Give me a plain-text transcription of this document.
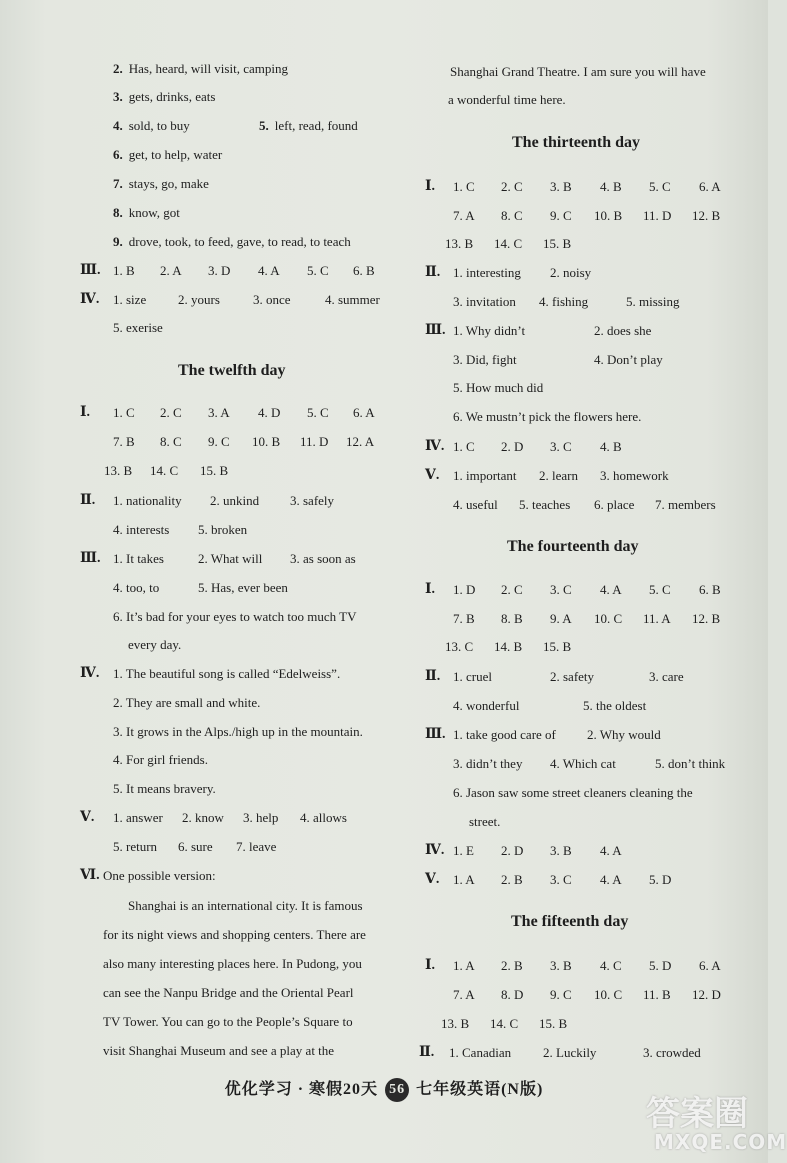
2. Has, heard, will visit, camping
3. gets, drinks, eats
4. sold, to buy	5. left, read, found
6. get, to help, water
7. stays, go, make
8. know, got
9. drove, took, to feed, gave, to read, to teach
Ⅲ. 1. B 2. A 3. D 4. A 5. C 6. B
Ⅳ. 1. size 2. yours	3. once	4. summer
5. exerise
The twelfth day
Ⅰ. 1. C 2. C 3. A 4. D 5. C 6. A
7. B 8. C 9. C 10. B 11. D 12. A
13. B 14. C 15. B
Ⅱ. 1. nationality 2. unkind 3. safely
4. interests 5. broken
Ⅲ. 1. It takes	2. What will 3. as soon as
4. too, to	5. Has, ever been
6. It’s bad for your eyes to watch too much TV
every day.
Ⅳ. 1. The beautiful song is called “Edelweiss”.
2. They are small and white.
3. It grows in the Alps./high up in the mountain.
4. For girl friends.
5. It means bravery.
Ⅴ. 1. answer 2. know 3. help 4. allows
5. return 6. sure 7. leave
Ⅵ. One possible version:
Shanghai is an international city. It is famous
for its night views and shopping centers. There are
also many interesting places here. In Pudong, you
can see the Nanpu Bridge and the Oriental Pearl
TV Tower. You can go to the People’s Square to
visit Shanghai Museum and see a play at the
Shanghai Grand Theatre. I am sure you will have
a wonderful time here.
The thirteenth day
Ⅰ. 1. C 2. C 3. B 4. B 5. C 6. A
7. A 8. C 9. C 10. B 11. D 12. B
13. B 14. C 15. B
Ⅱ. 1. interesting 2. noisy
3. invitation 4. fishing	5. missing
Ⅲ. 1. Why didn’t	2. does she
3. Did, fight	4. Don’t play
5. How much did
6. We mustn’t pick the flowers here.
Ⅳ. 1. C 2. D 3. C 4. B
Ⅴ. 1. important 2. learn 3. homework
4. useful 5. teaches 6. place 7. members
The fourteenth day
Ⅰ. 1. D 2. C 3. C 4. A 5. C 6. B
7. B 8. B 9. A 10. C 11. A 12. B
13. C 14. B 15. B
Ⅱ. 1. cruel	2. safety	3. care
4. wonderful	5. the oldest
Ⅲ. 1. take good care of 2. Why would
3. didn’t they 4. Which cat	5. don’t think
6. Jason saw some street cleaners cleaning the
street.
Ⅳ. 1. E 2. D 3. B 4. A
Ⅴ. 1. A 2. B 3. C 4. A 5. D
The fifteenth day
Ⅰ. 1. A 2. B 3. B 4. C 5. D 6. A
7. A 8. D 9. C 10. C 11. B 12. D
13. B 14. C 15. B
Ⅱ. 1. Canadian 2. Luckily	3. crowded
优化学习 · 寒假20天 56 七年级英语(N版)
答案圈
MXQE.COM
